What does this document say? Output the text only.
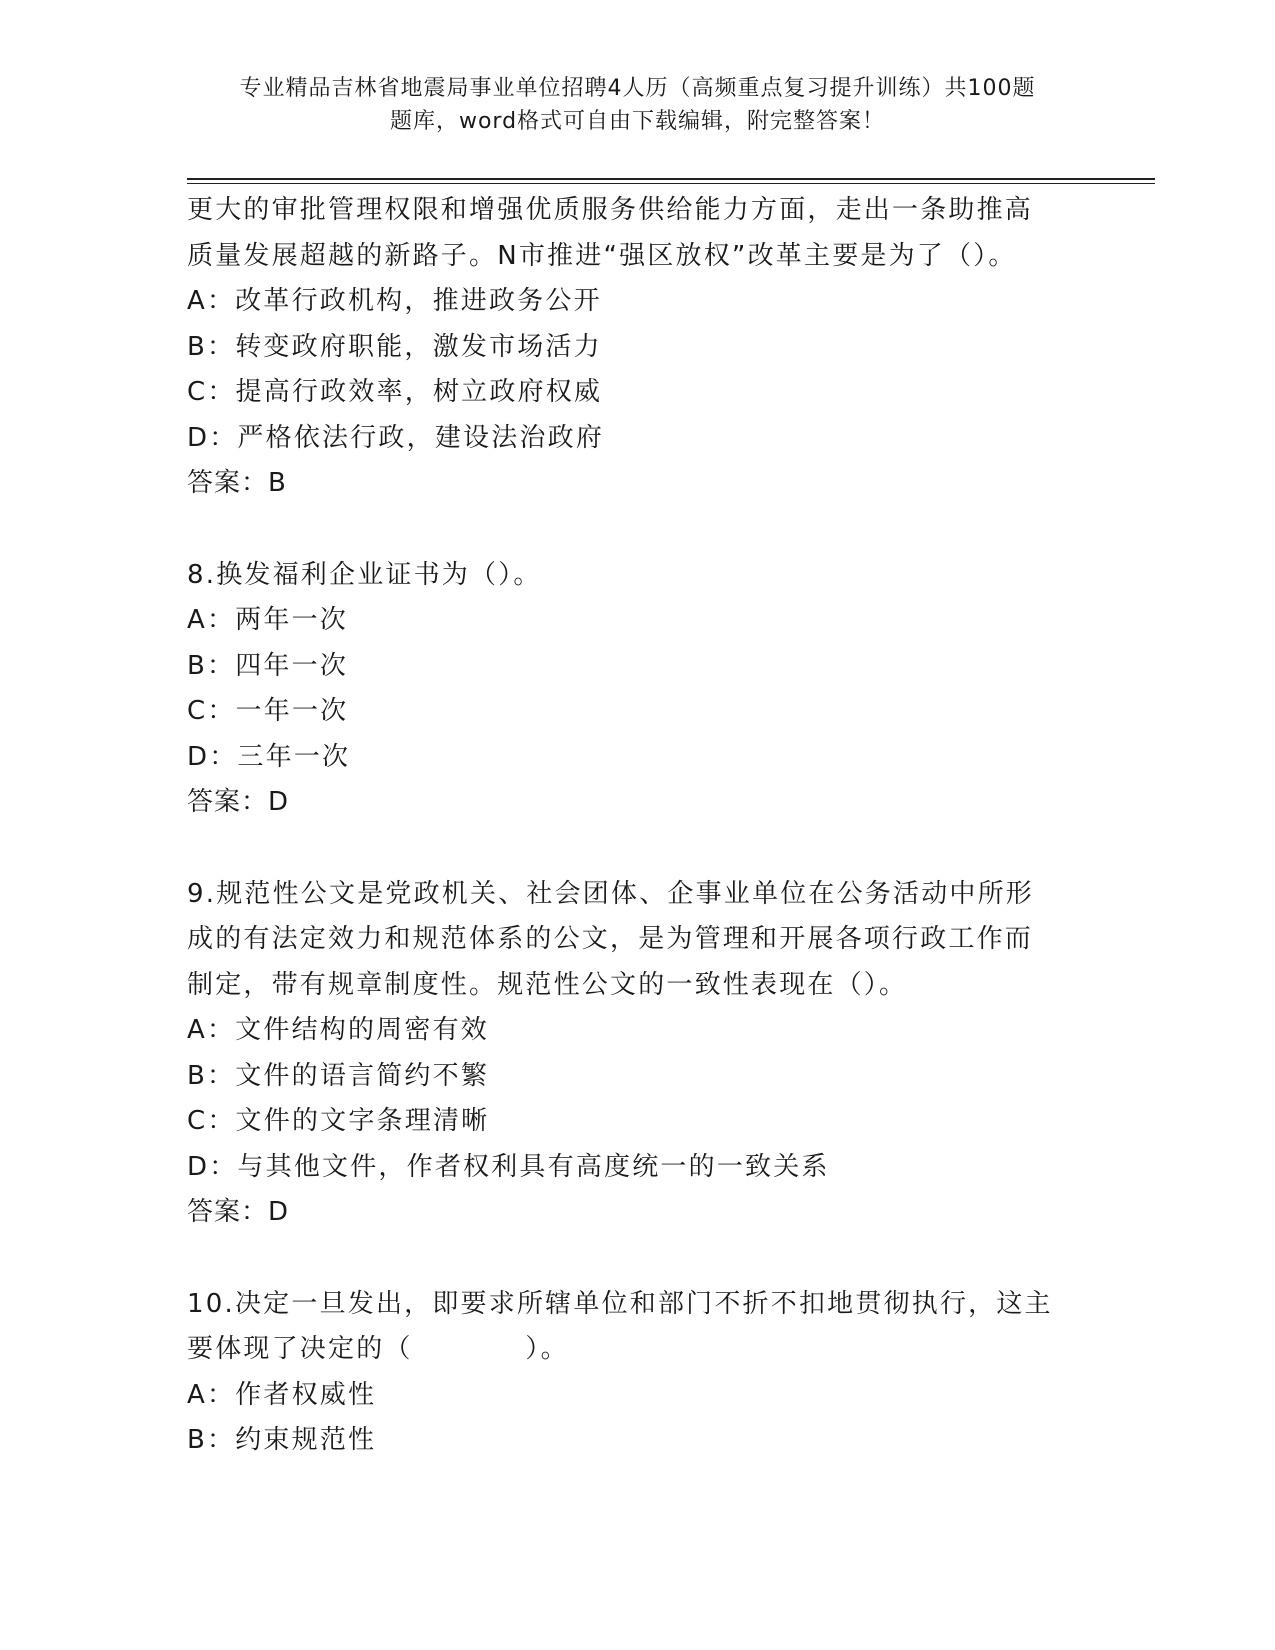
专业精品吉林省地震局事业单位招聘4人历（高频重点复习提升训练）共100题
题库，word格式可自由下载编辑，附完整答案！
更大的审批管理权限和增强优质服务供给能力方面，走出一条助推高
质量发展超越的新路子。N市推进“强区放权”改革主要是为了（）。
A：改革行政机构，推进政务公开
B：转变政府职能，激发市场活力
C：提高行政效率，树立政府权威
D：严格依法行政，建设法治政府
答案：B
8.换发福利企业证书为（）。
A：两年一次
B：四年一次
C：一年一次
D：三年一次
答案：D
9.规范性公文是党政机关、社会团体、企事业单位在公务活动中所形
成的有法定效力和规范体系的公文，是为管理和开展各项行政工作而
制定，带有规章制度性。规范性公文的一致性表现在（）。
A：文件结构的周密有效
B：文件的语言简约不繁
C：文件的文字条理清晰
D：与其他文件，作者权利具有高度统一的一致关系
答案：D
10.决定一旦发出，即要求所辖单位和部门不折不扣地贯彻执行，这主
要体现了决定的（　　　　）。
A：作者权威性
B：约束规范性
